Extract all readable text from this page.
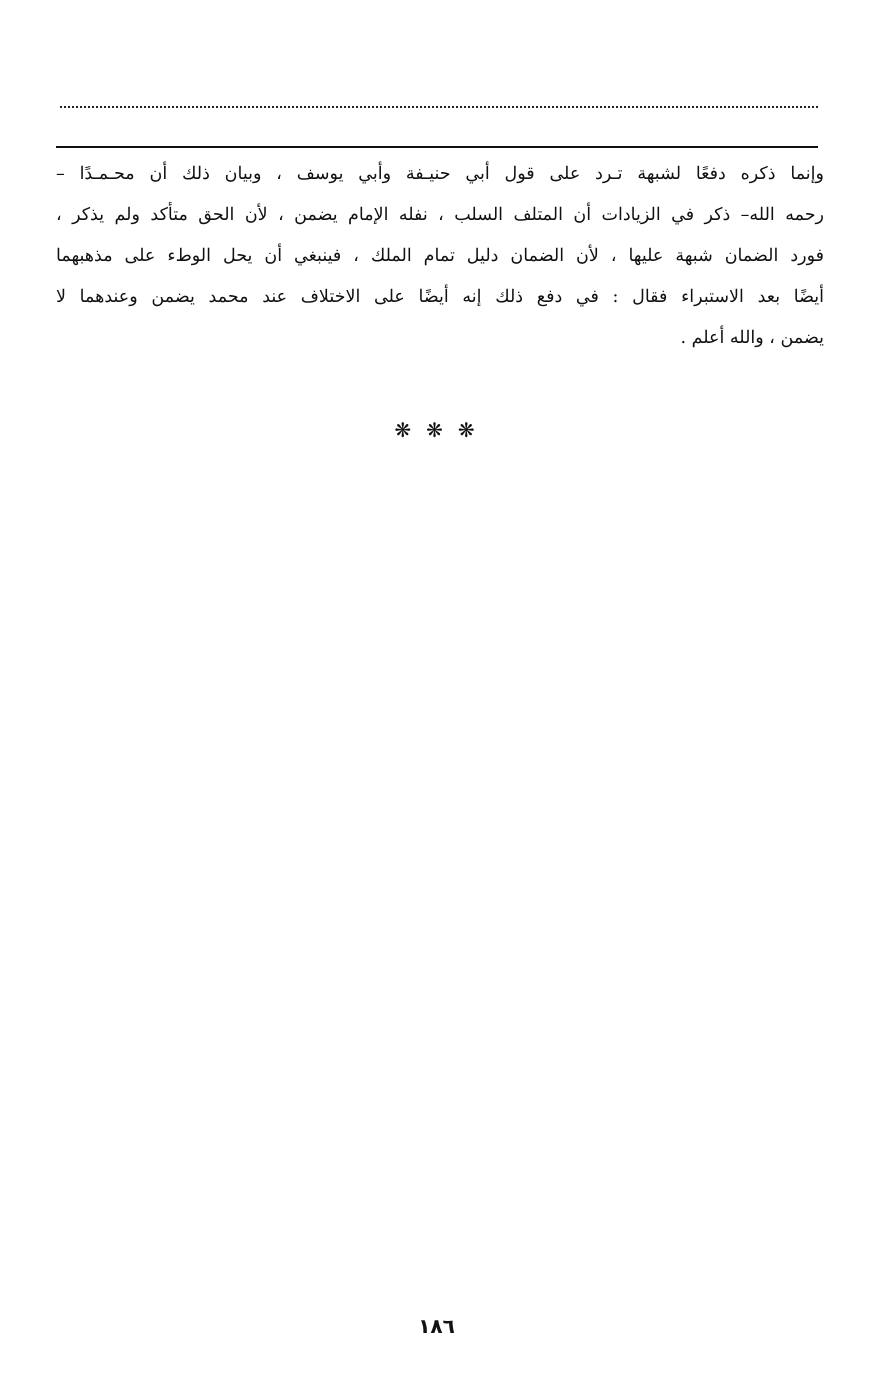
وإنما ذكره دفعًا لشبهة تـرد على قول أبي حنيـفة وأبي يوسف ، وبيان ذلك أن محـمـدًا –
رحمه الله– ذكر في الزيادات أن المتلف السلب ، نفله الإمام يضمن ، لأن الحق متأكد ولم يذكر ،
فورد الضمان شبهة عليها ، لأن الضمان دليل تمام الملك ، فينبغي أن يحل الوطء على مذهبهما
أيضًا بعد الاستبراء فقال : في دفع ذلك إنه أيضًا على الاختلاف عند محمد يضمن وعندهما لا
يضمن ، والله أعلم .
❋ ❋ ❋
١٨٦
